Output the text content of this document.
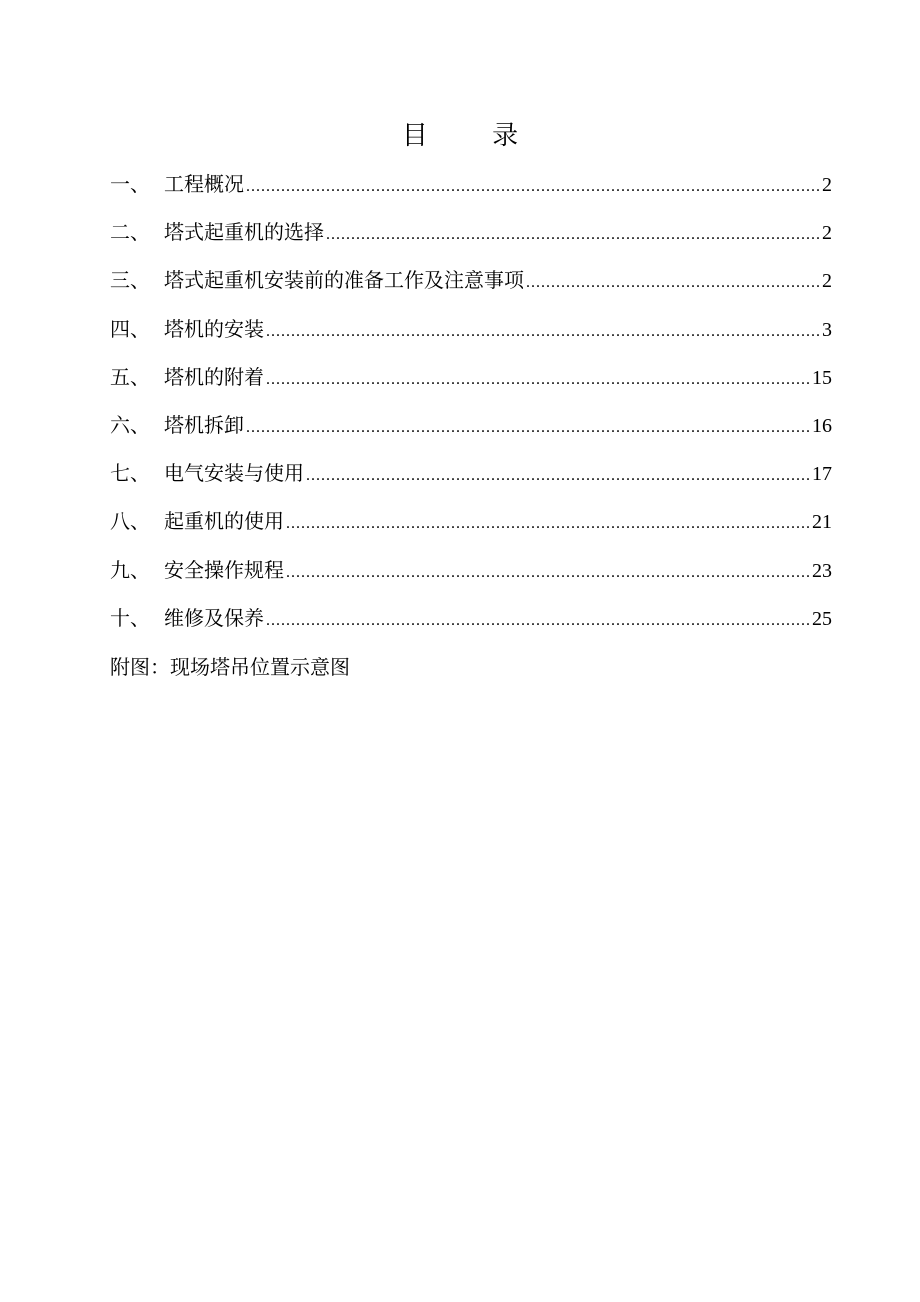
目 录
一、 工程概况 .....	2
二、 塔式起重机的选择 .....	2
三、 塔式起重机安装前的准备工作及注意事项 .....	2
四、 塔机的安装 .....	3
五、 塔机的附着 .....	15
六、 塔机拆卸 .....	16
七、 电气安装与使用 .....	17
八、 起重机的使用 .....	21
九、 安全操作规程 .....	23
十、 维修及保养 .....	25
附图：现场塔吊位置示意图
